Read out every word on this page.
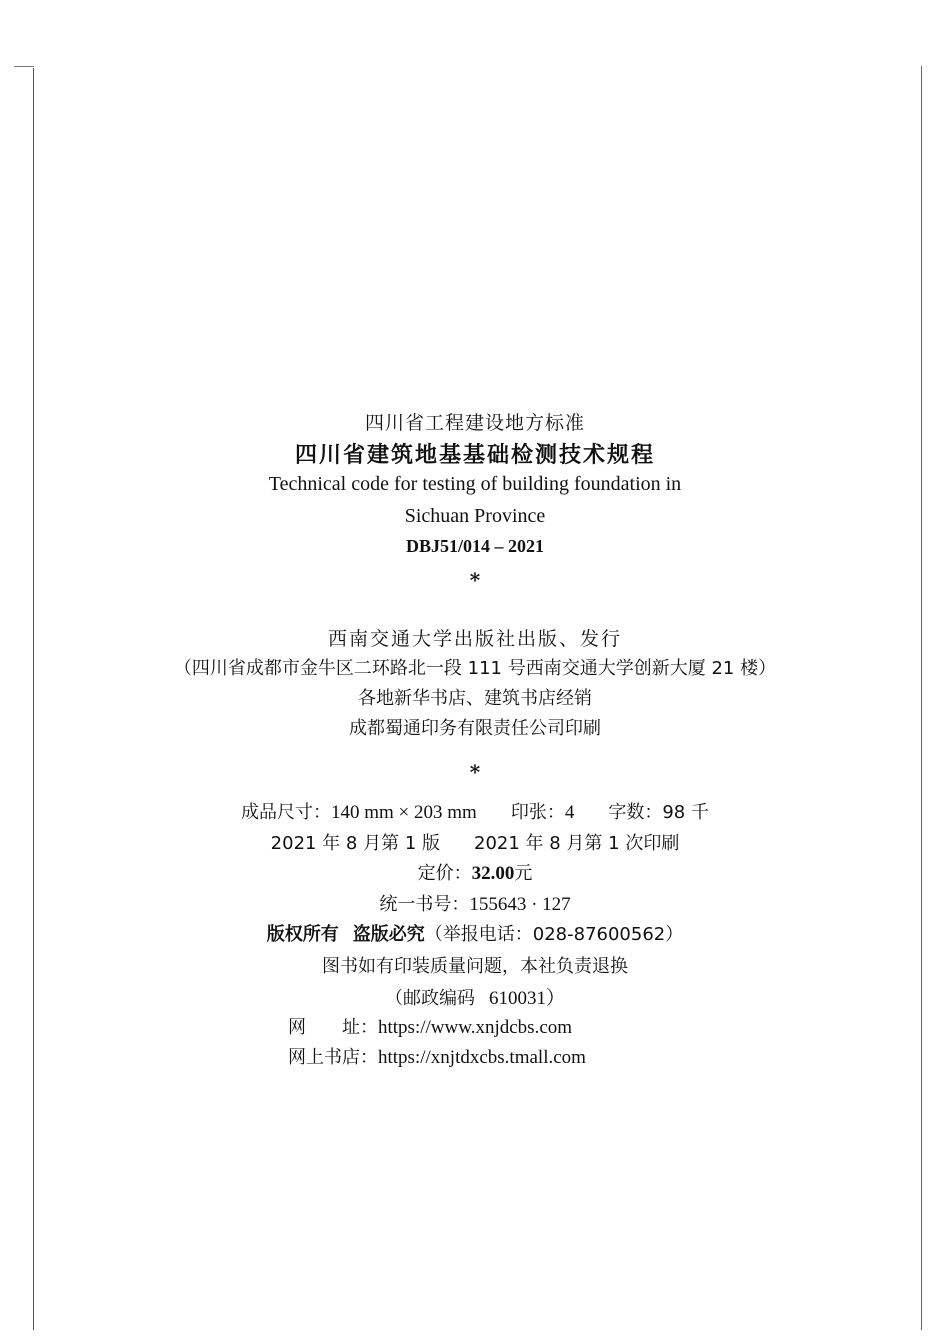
四川省工程建设地方标准
四川省建筑地基基础检测技术规程
Technical code for testing of building foundation in
Sichuan Province
DBJ51/014 – 2021
*
西南交通大学出版社出版、发行
（四川省成都市金牛区二环路北一段 111 号西南交通大学创新大厦 21 楼）
各地新华书店、建筑书店经销
成都蜀通印务有限责任公司印刷
*
成品尺寸：140 mm × 203 mm 印张：4 字数：98 千
2021 年 8 月第 1 版 2021 年 8 月第 1 次印刷
定价：32.00元
统一书号：155643 · 127
版权所有 盗版必究（举报电话：028-87600562）
图书如有印装质量问题，本社负责退换
（邮政编码 610031）
网　　址：https://www.xnjdcbs.com
网上书店：https://xnjtdxcbs.tmall.com
